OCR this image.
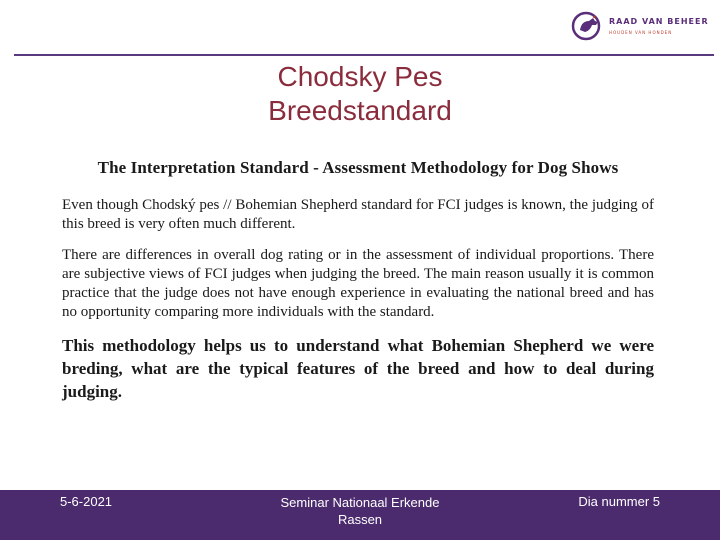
RAAD VAN BEHEER
HOUDEN VAN HONDEN
Chodsky Pes
Breedstandard

The Interpretation Standard - Assessment Methodology for Dog Shows

Even though Chodský pes // Bohemian Shepherd standard for FCI judges is known, the judging of this breed is very often much different.

There are differences in overall dog rating or in the assessment of individual proportions. There are subjective views of FCI judges when judging the breed. The main reason usually it is common practice that the judge does not have enough experience in evaluating the national breed and has no opportunity comparing more individuals with the standard.

This methodology helps us to understand what Bohemian Shepherd we were breding, what are the typical features of the breed and how to deal during judging.

5-6-2021	Seminar Nationaal Erkende Rassen
Dia nummer 5
